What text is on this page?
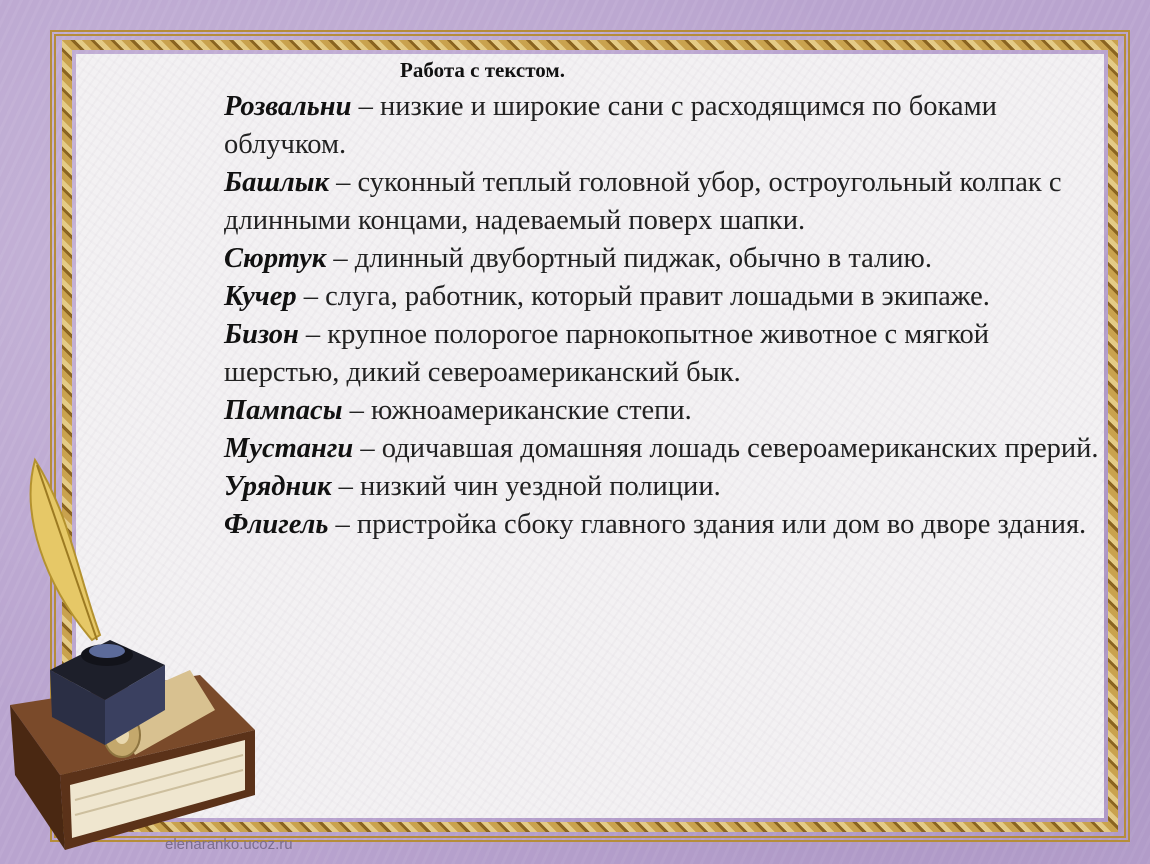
Работа с текстом.

Розвальни – низкие и широкие сани с расходящимся по боками облучком.

Башлык – суконный теплый головной убор, остроугольный колпак с длинными концами, надеваемый поверх шапки.

Сюртук – длинный двубортный пиджак, обычно в талию.

Кучер – слуга, работник, который правит лошадьми в экипаже.

Бизон – крупное полорогое парнокопытное животное с мягкой шерстью, дикий североамериканский бык.

Пампасы – южноамериканские степи.

Мустанги – одичавшая домашняя лошадь североамериканских прерий.

Урядник – низкий чин уездной полиции.

Флигель – пристройка сбоку главного здания или дом во дворе здания.

elenaranko.ucoz.ru
